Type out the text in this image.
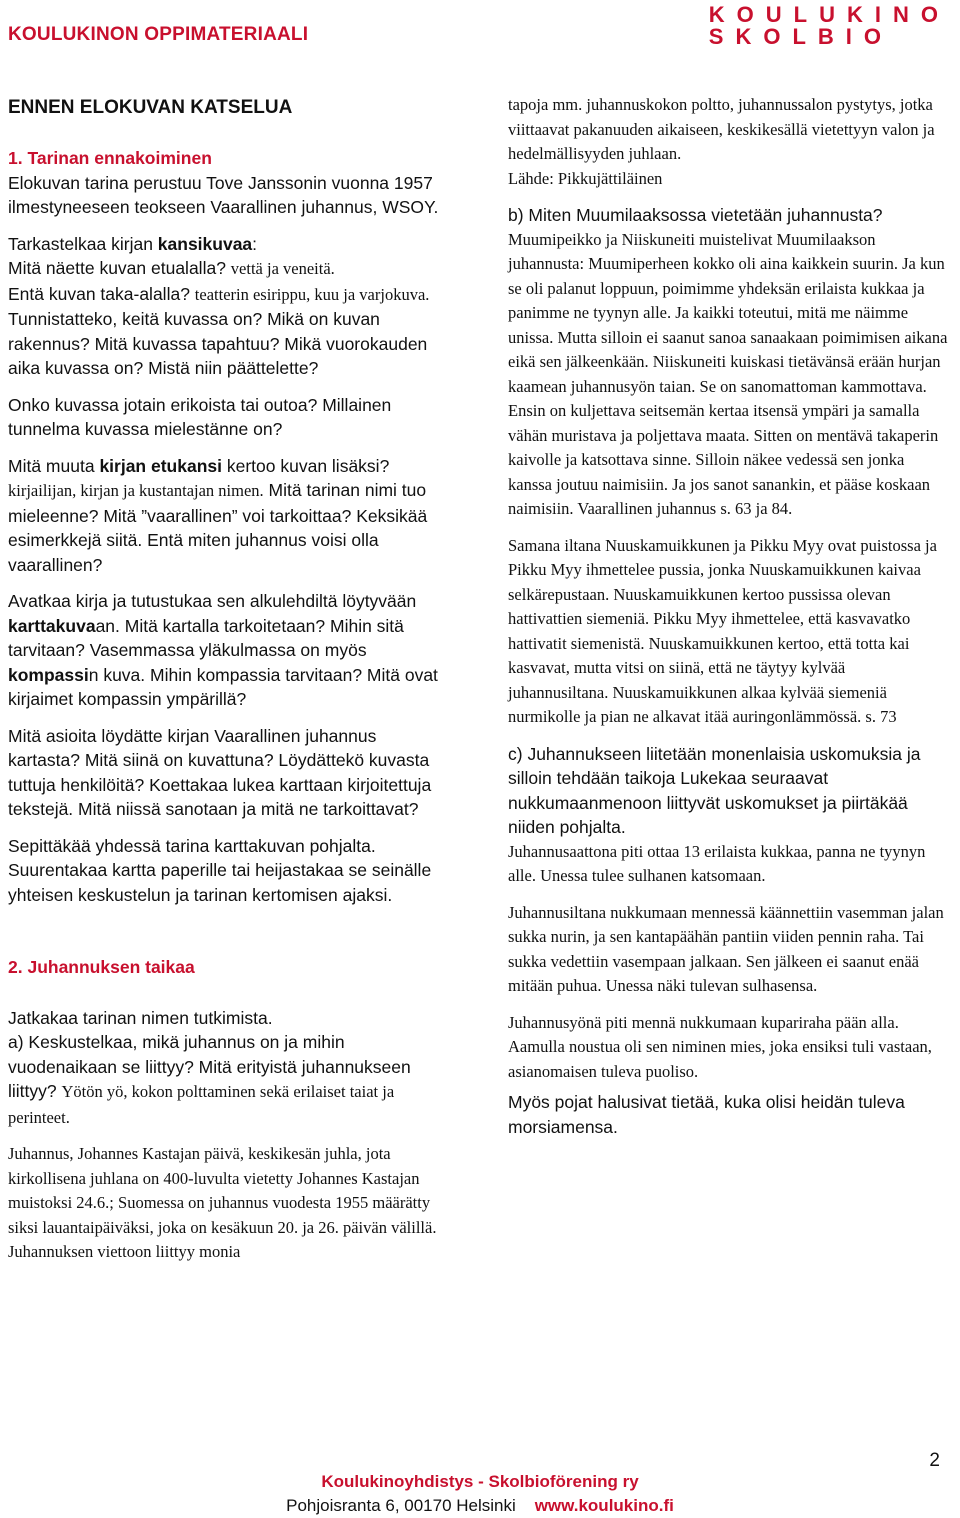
KOULUKINON OPPIMATERIAALI
KOULUKINO
SKOLBIO

ENNEN ELOKUVAN KATSELUA

1. Tarinan ennakoiminen

Elokuvan tarina perustuu Tove Janssonin vuonna 1957 ilmestyneeseen teokseen Vaarallinen juhannus, WSOY.

Tarkastelkaa kirjan kansikuvaa:
Mitä näette kuvan etualalla? vettä ja veneitä.
Entä kuvan taka-alalla? teatterin esirippu, kuu ja varjokuva. Tunnistatteko, keitä kuvassa on? Mikä on kuvan rakennus? Mitä kuvassa tapahtuu? Mikä vuorokauden aika kuvassa on? Mistä niin päättelette?

Onko kuvassa jotain erikoista tai outoa? Millainen tunnelma kuvassa mielestänne on?

Mitä muuta kirjan etukansi kertoo kuvan lisäksi? kirjailijan, kirjan ja kustantajan nimen. Mitä tarinan nimi tuo mieleenne? Mitä ”vaarallinen” voi tarkoittaa? Keksikää esimerkkejä siitä. Entä miten juhannus voisi olla vaarallinen?

Avatkaa kirja ja tutustukaa sen alkulehdiltä löytyvään karttakuvaan. Mitä kartalla tarkoitetaan? Mihin sitä tarvitaan? Vasemmassa yläkulmassa on myös kompassin kuva. Mihin kompassia tarvitaan? Mitä ovat kirjaimet kompassin ympärillä?

Mitä asioita löydätte kirjan Vaarallinen juhannus kartasta? Mitä siinä on kuvattuna? Löydättekö kuvasta tuttuja henkilöitä? Koettakaa lukea karttaan kirjoitettuja tekstejä. Mitä niissä sanotaan ja mitä ne tarkoittavat?

Sepittäkää yhdessä tarina karttakuvan pohjalta. Suurentakaa kartta paperille tai heijastakaa se seinälle yhteisen keskustelun ja tarinan kertomisen ajaksi.

2. Juhannuksen taikaa

Jatkakaa tarinan nimen tutkimista.

a) Keskustelkaa, mikä juhannus on ja mihin vuodenaikaan se liittyy? Mitä erityistä juhannukseen liittyy? Yötön yö, kokon polttaminen sekä erilaiset taiat ja perinteet.

Juhannus, Johannes Kastajan päivä, keskikesän juhla, jota kirkollisena juhlana on 400-luvulta vietetty Johannes Kastajan muistoksi 24.6.; Suomessa on juhannus vuodesta 1955 määrätty siksi lauantaipäiväksi, joka on kesäkuun 20. ja 26. päivän välillä. Juhannuksen viettoon liittyy monia

tapoja mm. juhannuskokon poltto, juhannussalon pystytys, jotka viittaavat pakanuuden aikaiseen, keskikesällä vietettyyn valon ja hedelmällisyyden juhlaan.

Lähde: Pikkujättiläinen

b) Miten Muumilaaksossa vietetään juhannusta?

Muumipeikko ja Niiskuneiti muistelivat Muumilaakson juhannusta: Muumiperheen kokko oli aina kaikkein suurin. Ja kun se oli palanut loppuun, poimimme yhdeksän erilaista kukkaa ja panimme ne tyynyn alle. Ja kaikki toteutui, mitä me näimme unissa. Mutta silloin ei saanut sanoa sanaakaan poimimisen aikana eikä sen jälkeenkään. Niiskuneiti kuiskasi tietävänsä erään hurjan kaamean juhannusyön taian. Se on sanomattoman kammottava. Ensin on kuljettava seitsemän kertaa itsensä ympäri ja samalla vähän muristava ja poljettava maata. Sitten on mentävä takaperin kaivolle ja katsottava sinne. Silloin näkee vedessä sen jonka kanssa joutuu naimisiin. Ja jos sanot sanankin, et pääse koskaan naimisiin. Vaarallinen juhannus s. 63 ja 84.

Samana iltana Nuuskamuikkunen ja Pikku Myy ovat puistossa ja Pikku Myy ihmettelee pussia, jonka Nuuskamuikkunen kaivaa selkärepustaan. Nuuskamuikkunen kertoo pussissa olevan hattivattien siemeniä. Pikku Myy ihmettelee, että kasvavatko hattivatit siemenistä. Nuuskamuikkunen kertoo, että totta kai kasvavat, mutta vitsi on siinä, että ne täytyy kylvää juhannusiltana. Nuuskamuikkunen alkaa kylvää siemeniä nurmikolle ja pian ne alkavat itää auringonlämmössä. s. 73

c) Juhannukseen liitetään monenlaisia uskomuksia ja silloin tehdään taikoja Lukekaa seuraavat nukkumaanmenoon liittyvät uskomukset ja piirtäkää niiden pohjalta.

Juhannusaattona piti ottaa 13 erilaista kukkaa, panna ne tyynyn alle. Unessa tulee sulhanen katsomaan.

Juhannusiltana nukkumaan mennessä käännettiin vasemman jalan sukka nurin, ja sen kantapäähän pantiin viiden pennin raha. Tai sukka vedettiin vasempaan jalkaan. Sen jälkeen ei saanut enää mitään puhua. Unessa näki tulevan sulhasensa.

Juhannusyönä piti mennä nukkumaan kupariraha pään alla. Aamulla noustua oli sen niminen mies, joka ensiksi tuli vastaan, asianomaisen tuleva puoliso.

Myös pojat halusivat tietää, kuka olisi heidän tuleva morsiamensa.

2
Koulukinoyhdistys - Skolbioförening ry
Pohjoisranta 6, 00170 Helsinki www.koulukino.fi
